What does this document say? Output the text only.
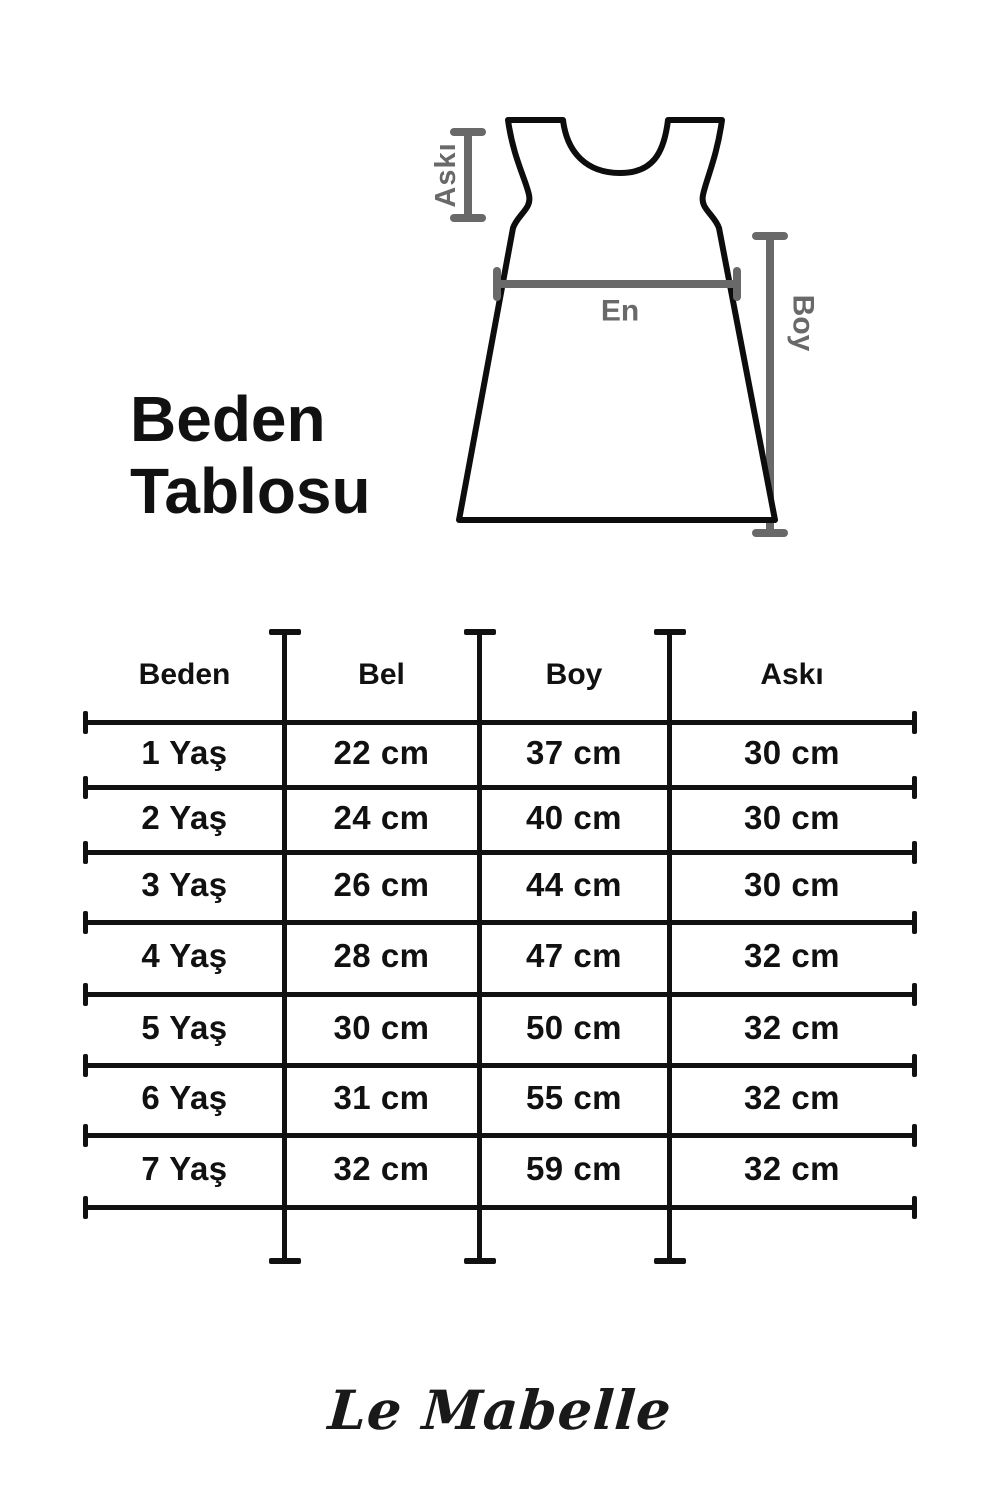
Beden
Tablosu
Askı
En	Boy
Beden	Bel	Boy	Askı
1 Yaş	22 cm	37 cm	30 cm
2 Yaş	24 cm	40 cm	30 cm
3 Yaş	26 cm	44 cm	30 cm
4 Yaş	28 cm	47 cm	32 cm
5 Yaş	30 cm	50 cm	32 cm
6 Yaş	31 cm	55 cm	32 cm
7 Yaş	32 cm	59 cm	32 cm
Le Mabelle
